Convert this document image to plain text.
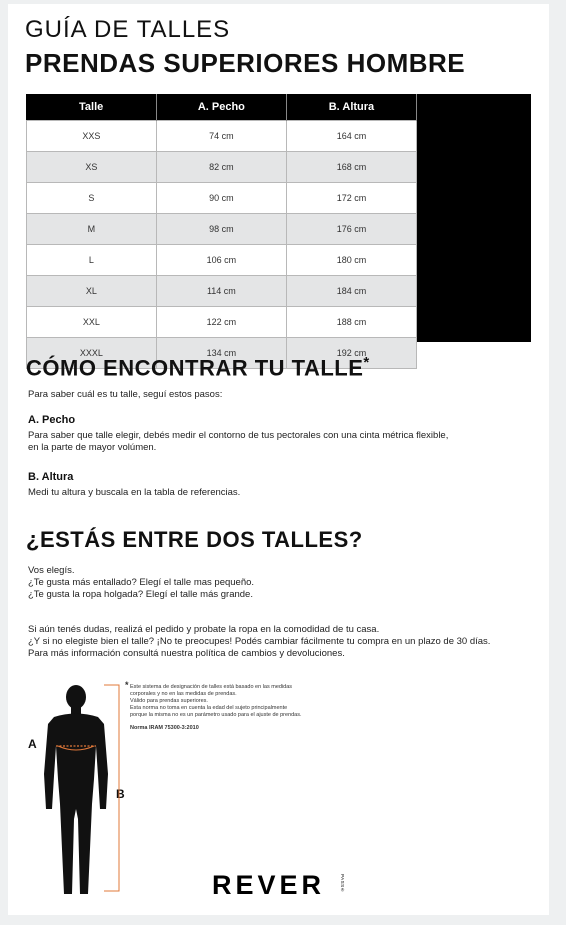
GUÍA DE TALLES
PRENDAS SUPERIORES HOMBRE
Talle	A. Pecho	B. Altura
XXS	74 cm	164 cm
XS	82 cm	168 cm
S	90 cm	172 cm
M	98 cm	176 cm
L	106 cm	180 cm
XL	114 cm	184 cm
XXL	122 cm	188 cm
XXXL	134 cm	192 cm
CÓMO ENCONTRAR TU TALLE*

Para saber cuál es tu talle, seguí estos pasos:

A. Pecho

Para saber que talle elegir, debés medir el contorno de tus pectorales con una cinta métrica flexible,

en la parte de mayor volúmen.

B. Altura

Medi tu altura y buscala en la tabla de referencias.

¿ESTÁS ENTRE DOS TALLES?

Vos elegís.

¿Te gusta más entallado? Elegí el talle mas pequeño.

¿Te gusta la ropa holgada? Elegí el talle más grande.

Si aún tenés dudas, realizá el pedido y probate la ropa en la comodidad de tu casa.

¿Y si no elegiste bien el talle? ¡No te preocupes! Podés cambiar fácilmente tu compra en un plazo de 30 días.

Para más información consultá nuestra política de cambios y devoluciones.

A
B
* Este sistema de designación de talles está basado en las medidas
corporales y no en las medidas de prendas.
Válido para prendas superiores.
Esta norma no toma en cuenta la edad del sujeto principalmente
porque la misma no es un parámetro usado para el ajuste de prendas.
Norma IRAM 75300-3:2010
REVER	PASS®
